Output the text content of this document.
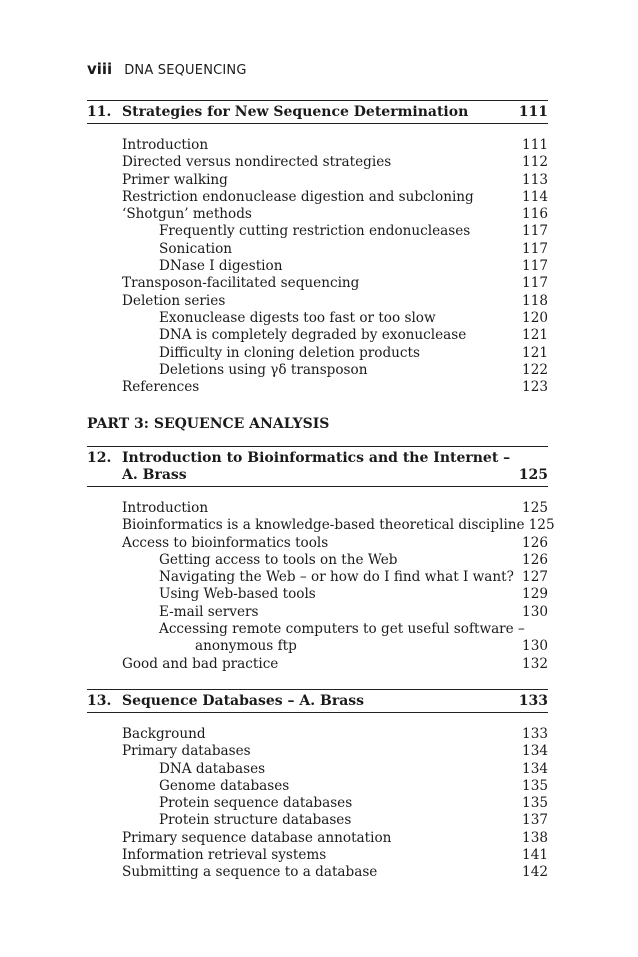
viii DNA SEQUENCING
11. Strategies for New Sequence Determination	111
Introduction	111
Directed versus nondirected strategies	112
Primer walking	113
Restriction endonuclease digestion and subcloning	114
‘Shotgun’ methods	116
Frequently cutting restriction endonucleases	117
Sonication	117
DNase I digestion	117
Transposon-facilitated sequencing	117
Deletion series	118
Exonuclease digests too fast or too slow	120
DNA is completely degraded by exonuclease	121
Difficulty in cloning deletion products	121
Deletions using γδ transposon	122
References	123
PART 3: SEQUENCE ANALYSIS
12. Introduction to Bioinformatics and the Internet –
A. Brass	125
Introduction	125
Bioinformatics is a knowledge-based theoretical discipline 125
Access to bioinformatics tools	126
Getting access to tools on the Web	126
Navigating the Web – or how do I find what I want? 127
Using Web-based tools	129
E-mail servers	130
Accessing remote computers to get useful software –
anonymous ftp	130
Good and bad practice	132
13. Sequence Databases – A. Brass	133
Background	133
Primary databases	134
DNA databases	134
Genome databases	135
Protein sequence databases	135
Protein structure databases	137
Primary sequence database annotation	138
Information retrieval systems	141
Submitting a sequence to a database	142
